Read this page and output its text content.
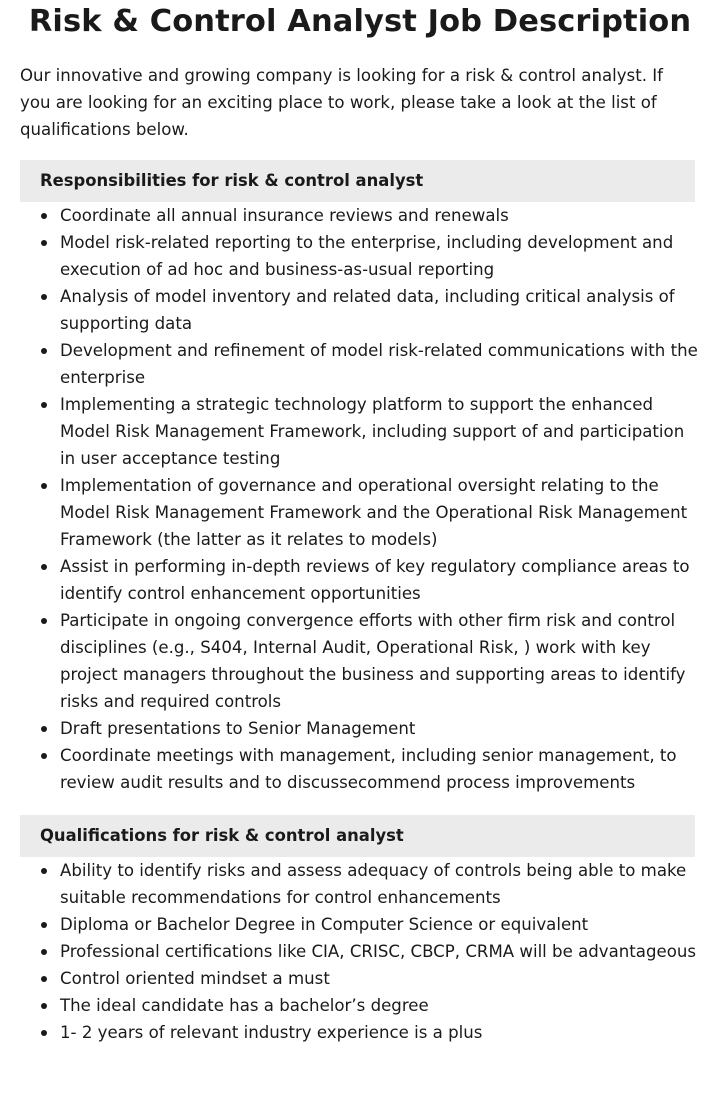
Risk & Control Analyst Job Description

Our innovative and growing company is looking for a risk & control analyst. If you are looking for an exciting place to work, please take a look at the list of qualifications below.

Responsibilities for risk & control analyst
Coordinate all annual insurance reviews and renewals
Model risk-related reporting to the enterprise, including development and execution of ad hoc and business-as-usual reporting
Analysis of model inventory and related data, including critical analysis of supporting data
Development and refinement of model risk-related communications with the enterprise
Implementing a strategic technology platform to support the enhanced Model Risk Management Framework, including support of and participation in user acceptance testing
Implementation of governance and operational oversight relating to the Model Risk Management Framework and the Operational Risk Management Framework (the latter as it relates to models)
Assist in performing in-depth reviews of key regulatory compliance areas to identify control enhancement opportunities
Participate in ongoing convergence efforts with other firm risk and control disciplines (e.g., S404, Internal Audit, Operational Risk, ) work with key project managers throughout the business and supporting areas to identify risks and required controls
Draft presentations to Senior Management
Coordinate meetings with management, including senior management, to review audit results and to discussecommend process improvements
Qualifications for risk & control analyst
Ability to identify risks and assess adequacy of controls being able to make suitable recommendations for control enhancements
Diploma or Bachelor Degree in Computer Science or equivalent
Professional certifications like CIA, CRISC, CBCP, CRMA will be advantageous
Control oriented mindset a must
The ideal candidate has a bachelor’s degree
1- 2 years of relevant industry experience is a plus
